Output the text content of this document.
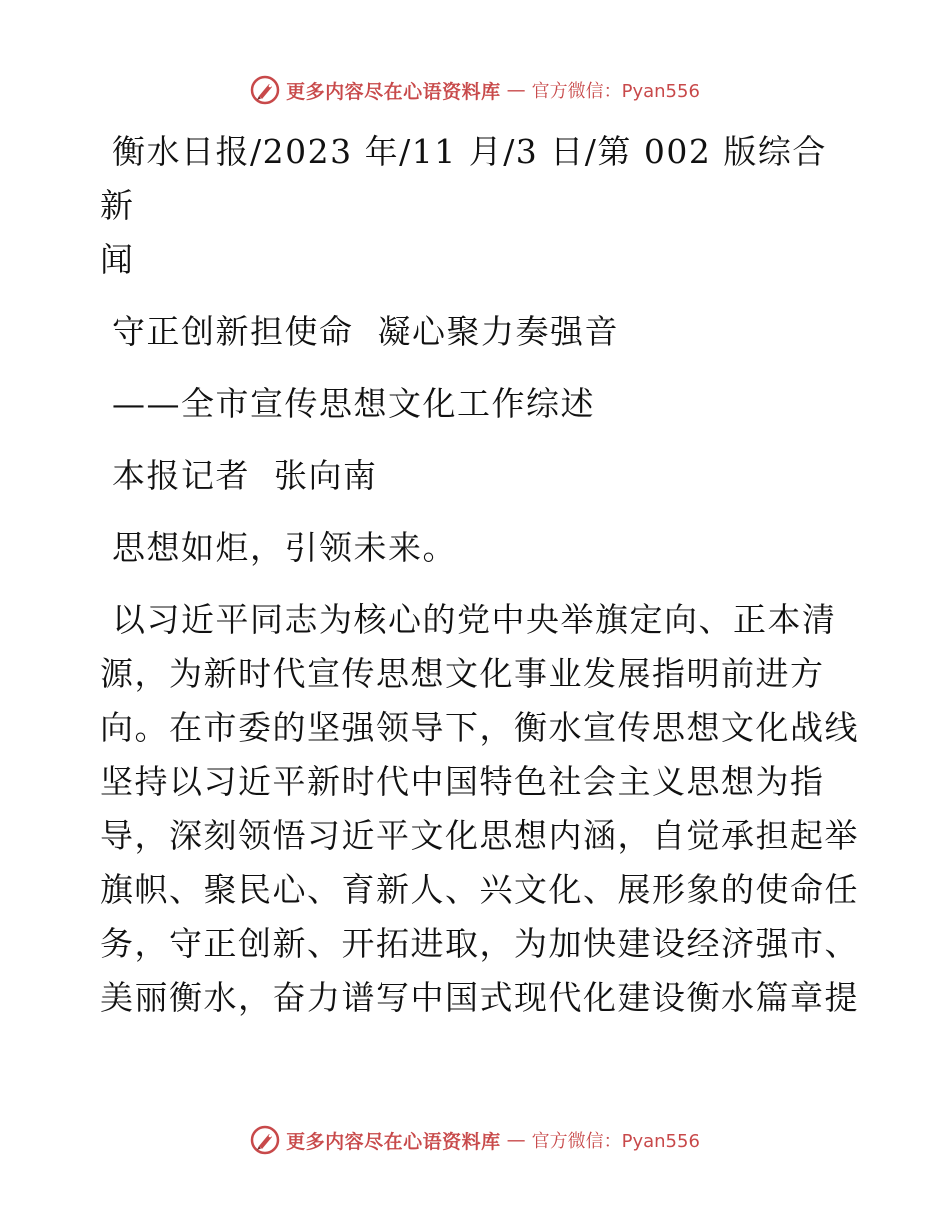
更多内容尽在心语资料库 — 官方微信：Pyan556

衡水日报/2023 年/11 月/3 日/第 002 版综合新

闻

守正创新担使命  凝心聚力奏强音

——全市宣传思想文化工作综述

本报记者  张向南

思想如炬，引领未来。

以习近平同志为核心的党中央举旗定向、正本清

源，为新时代宣传思想文化事业发展指明前进方

向。在市委的坚强领导下，衡水宣传思想文化战线

坚持以习近平新时代中国特色社会主义思想为指

导，深刻领悟习近平文化思想内涵，自觉承担起举

旗帜、聚民心、育新人、兴文化、展形象的使命任

务，守正创新、开拓进取，为加快建设经济强市、

美丽衡水，奋力谱写中国式现代化建设衡水篇章提

更多内容尽在心语资料库 — 官方微信：Pyan556
